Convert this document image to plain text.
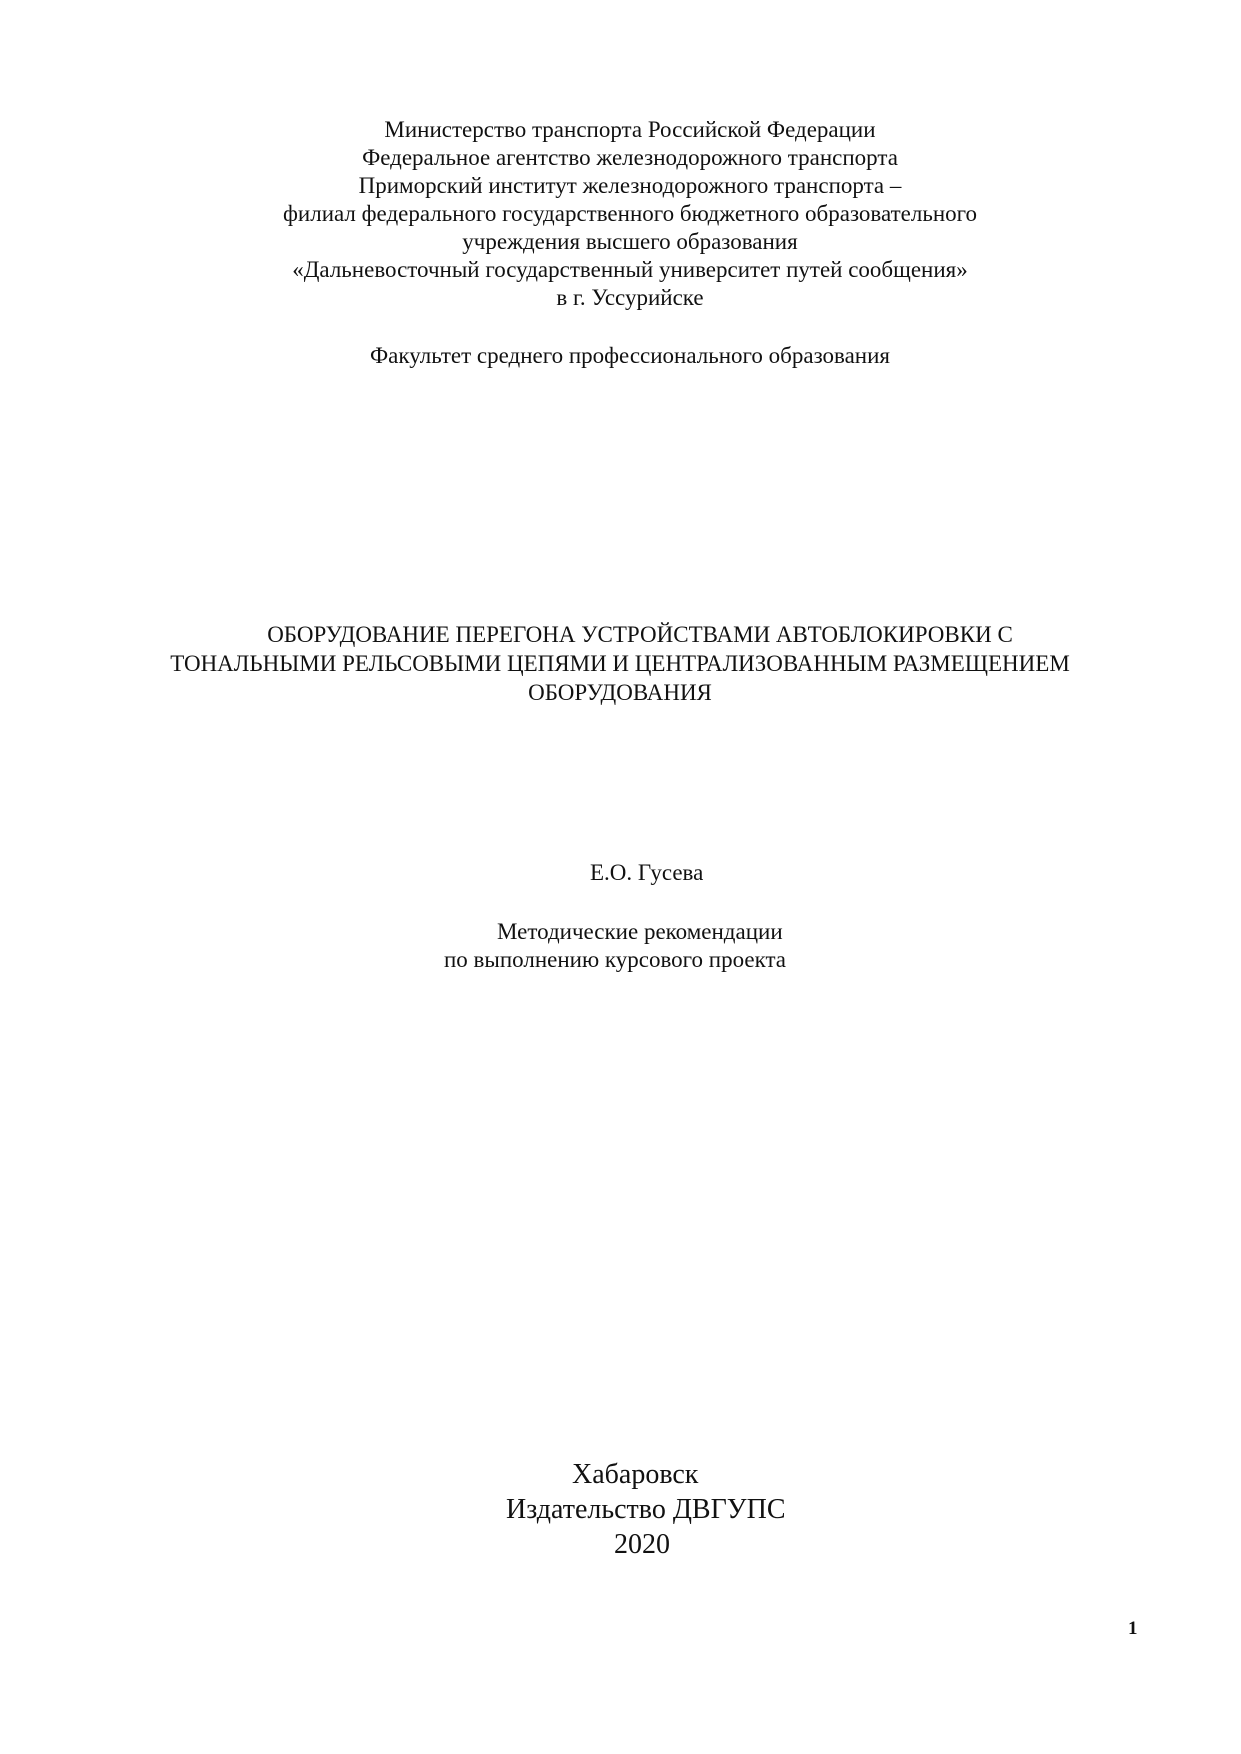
Министерство транспорта Российской Федерации
Федеральное агентство железнодорожного транспорта
Приморский институт железнодорожного транспорта –
филиал федерального государственного бюджетного образовательного
учреждения высшего образования
«Дальневосточный государственный университет путей сообщения»
в г. Уссурийске
Факультет среднего профессионального образования
ОБОРУДОВАНИЕ ПЕРЕГОНА УСТРОЙСТВАМИ АВТОБЛОКИРОВКИ С
ТОНАЛЬНЫМИ РЕЛЬСОВЫМИ ЦЕПЯМИ И ЦЕНТРАЛИЗОВАННЫМ РАЗМЕЩЕНИЕМ
ОБОРУДОВАНИЯ
Е.О. Гусева
Методические рекомендации
по выполнению курсового проекта
Хабаровск
Издательство ДВГУПС
2020
1
